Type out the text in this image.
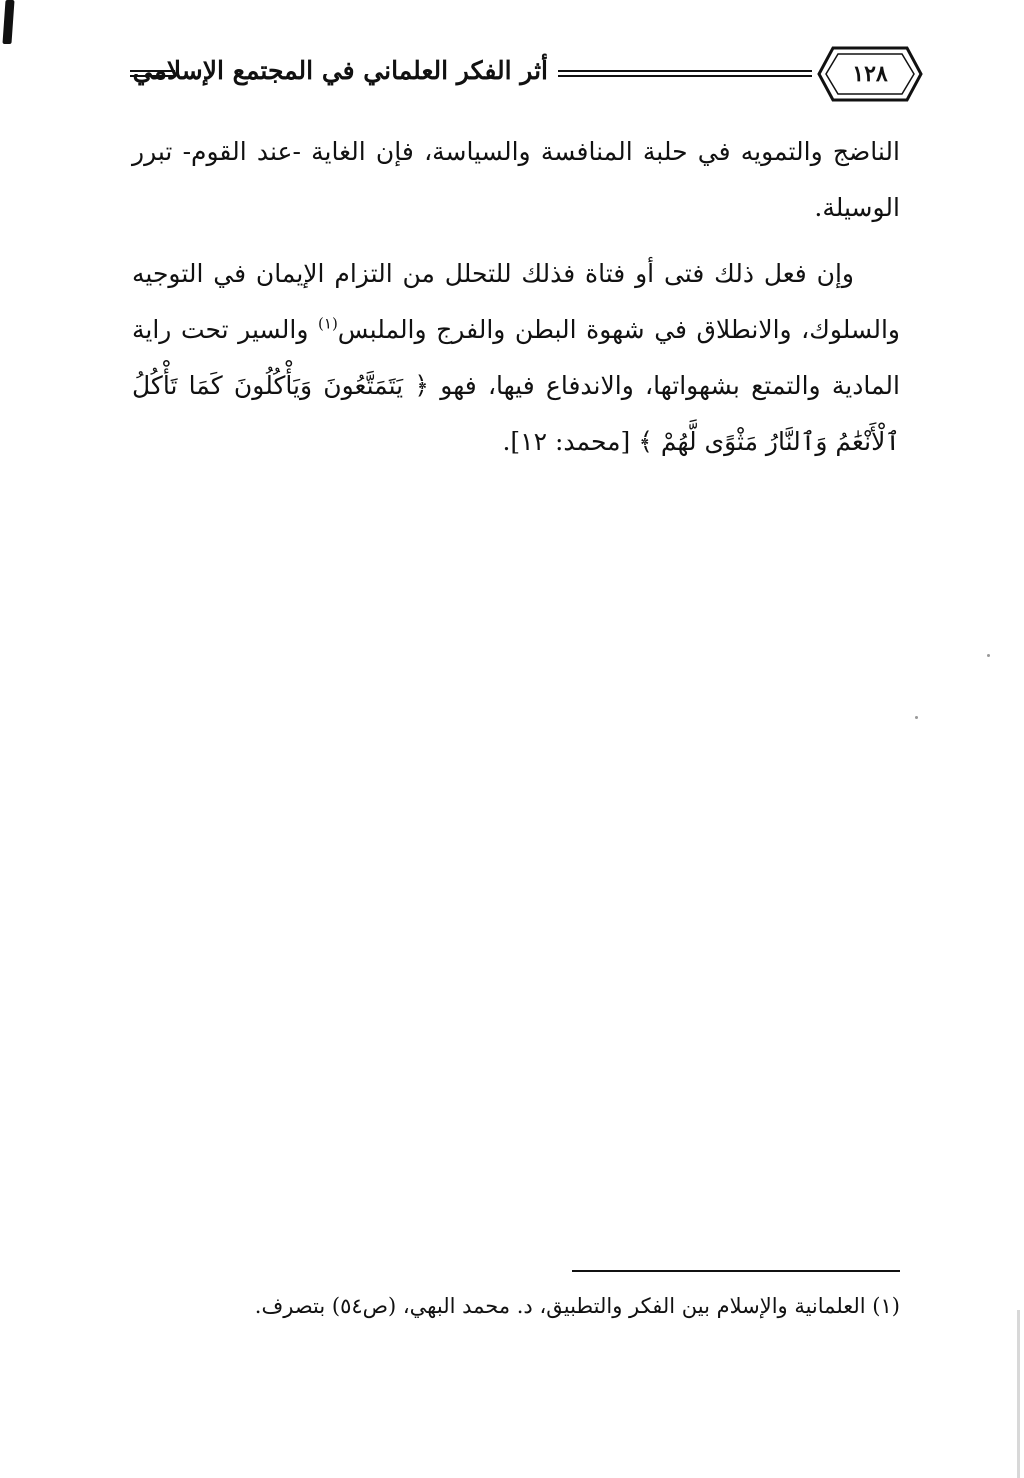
١٢٨
أثر الفكر العلماني في المجتمع الإسلامي

الناضج والتمويه في حلبة المنافسة والسياسة، فإن الغاية -عند القوم- تبرر الوسيلة.

وإن فعل ذلك فتى أو فتاة فذلك للتحلل من التزام الإيمان في التوجيه والسلوك، والانطلاق في شهوة البطن والفرج والملبس$^{(١)}$ والسير تحت راية المادية والتمتع بشهواتها، والاندفاع فيها، فهو ﴿ يَتَمَتَّعُونَ وَيَأْكُلُونَ كَمَا تَأْكُلُ ٱلْأَنْعَٰمُ وَٱلنَّارُ مَثْوًى لَّهُمْ ﴾ [محمد: ١٢].

(١) العلمانية والإسلام بين الفكر والتطبيق، د. محمد البهي، (ص٥٤) بتصرف.
